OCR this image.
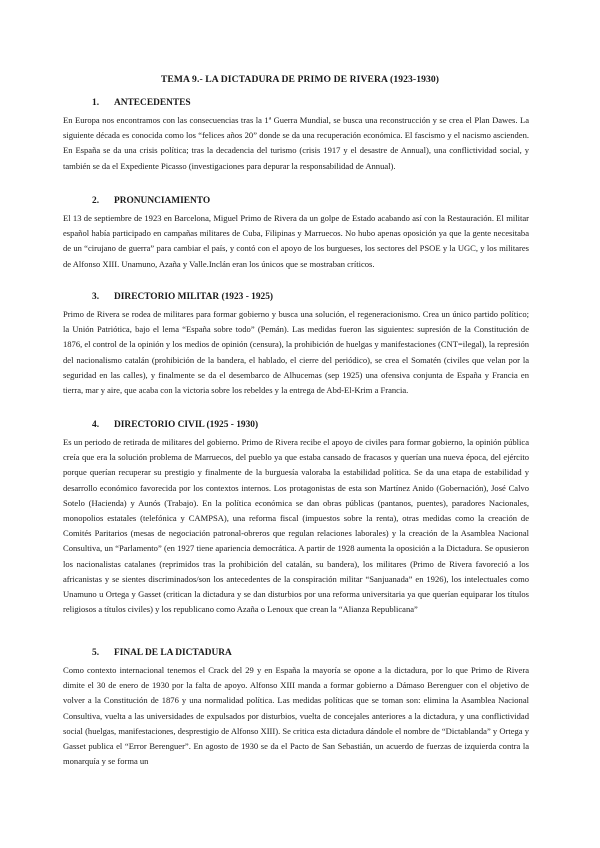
TEMA 9.- LA DICTADURA DE PRIMO DE RIVERA (1923-1930)
1. ANTECEDENTES
En Europa nos encontramos con las consecuencias tras la 1ª Guerra Mundial, se busca una reconstrucción y se crea el Plan Dawes. La siguiente década es conocida como los “felices años 20” donde se da una recuperación económica. El fascismo y el nacismo ascienden. En España se da una crisis política; tras la decadencia del turismo (crisis 1917 y el desastre de Annual), una conflictividad social, y también se da el Expediente Picasso (investigaciones para depurar la responsabilidad de Annual).
2. PRONUNCIAMIENTO
El 13 de septiembre de 1923 en Barcelona, Miguel Primo de Rivera da un golpe de Estado acabando así con la Restauración. El militar español había participado en campañas militares de Cuba, Filipinas y Marruecos. No hubo apenas oposición ya que la gente necesitaba de un “cirujano de guerra” para cambiar el país, y contó con el apoyo de los burgueses, los sectores del PSOE y la UGC, y los militares de Alfonso XIII. Unamuno, Azaña y Valle.Inclán eran los únicos que se mostraban críticos.
3. DIRECTORIO MILITAR (1923 - 1925)
Primo de Rivera se rodea de militares para formar gobierno y busca una solución, el regeneracionismo. Crea un único partido político; la Unión Patriótica, bajo el lema “España sobre todo” (Pemán). Las medidas fueron las siguientes: supresión de la Constitución de 1876, el control de la opinión y los medios de opinión (censura), la prohibición de huelgas y manifestaciones (CNT=ilegal), la represión del nacionalismo catalán (prohibición de la bandera, el hablado, el cierre del periódico), se crea el Somatén (civiles que velan por la seguridad en las calles), y finalmente se da el desembarco de Alhucemas (sep 1925) una ofensiva conjunta de España y Francia en tierra, mar y aire, que acaba con la victoria sobre los rebeldes y la entrega de Abd-El-Krim a Francia.
4. DIRECTORIO CIVIL (1925 - 1930)
Es un periodo de retirada de militares del gobierno. Primo de Rivera recibe el apoyo de civiles para formar gobierno, la opinión pública creía que era la solución problema de Marruecos, del pueblo ya que estaba cansado de fracasos y querían una nueva época, del ejército porque querían recuperar su prestigio y finalmente de la burguesía valoraba la estabilidad política. Se da una etapa de estabilidad y desarrollo económico favorecida por los contextos internos. Los protagonistas de esta son Martínez Anido (Gobernación), José Calvo Sotelo (Hacienda) y Aunós (Trabajo). En la política económica se dan obras públicas (pantanos, puentes), paradores Nacionales, monopolios estatales (telefónica y CAMPSA), una reforma fiscal (impuestos sobre la renta), otras medidas como la creación de Comités Paritarios (mesas de negociación patronal-obreros que regulan relaciones laborales) y la creación de la Asamblea Nacional Consultiva, un “Parlamento” (en 1927 tiene apariencia democrática. A partir de 1928 aumenta la oposición a la Dictadura. Se opusieron los nacionalistas catalanes (reprimidos tras la prohibición del catalán, su bandera), los militares (Primo de Rivera favoreció a los africanistas y se sientes discriminados/son los antecedentes de la conspiración militar “Sanjuanada” en 1926), los intelectuales como Unamuno u Ortega y Gasset (critican la dictadura y se dan disturbios por una reforma universitaria ya que querían equiparar los títulos religiosos a títulos civiles) y los republicano como Azaña o Lenoux que crean la “Alianza Republicana”
5. FINAL DE LA DICTADURA
Como contexto internacional tenemos el Crack del 29 y en España la mayoría se opone a la dictadura, por lo que Primo de Rivera dimite el 30 de enero de 1930 por la falta de apoyo. Alfonso XIII manda a formar gobierno a Dámaso Berenguer con el objetivo de volver a la Constitución de 1876 y una normalidad política. Las medidas políticas que se toman son: elimina la Asamblea Nacional Consultiva, vuelta a las universidades de expulsados por disturbios, vuelta de concejales anteriores a la dictadura, y una conflictividad social (huelgas, manifestaciones, desprestigio de Alfonso XIII). Se critica esta dictadura dándole el nombre de “Dictablanda” y Ortega y Gasset publica el “Error Berenguer”. En agosto de 1930 se da el Pacto de San Sebastián, un acuerdo de fuerzas de izquierda contra la monarquía y se forma un
